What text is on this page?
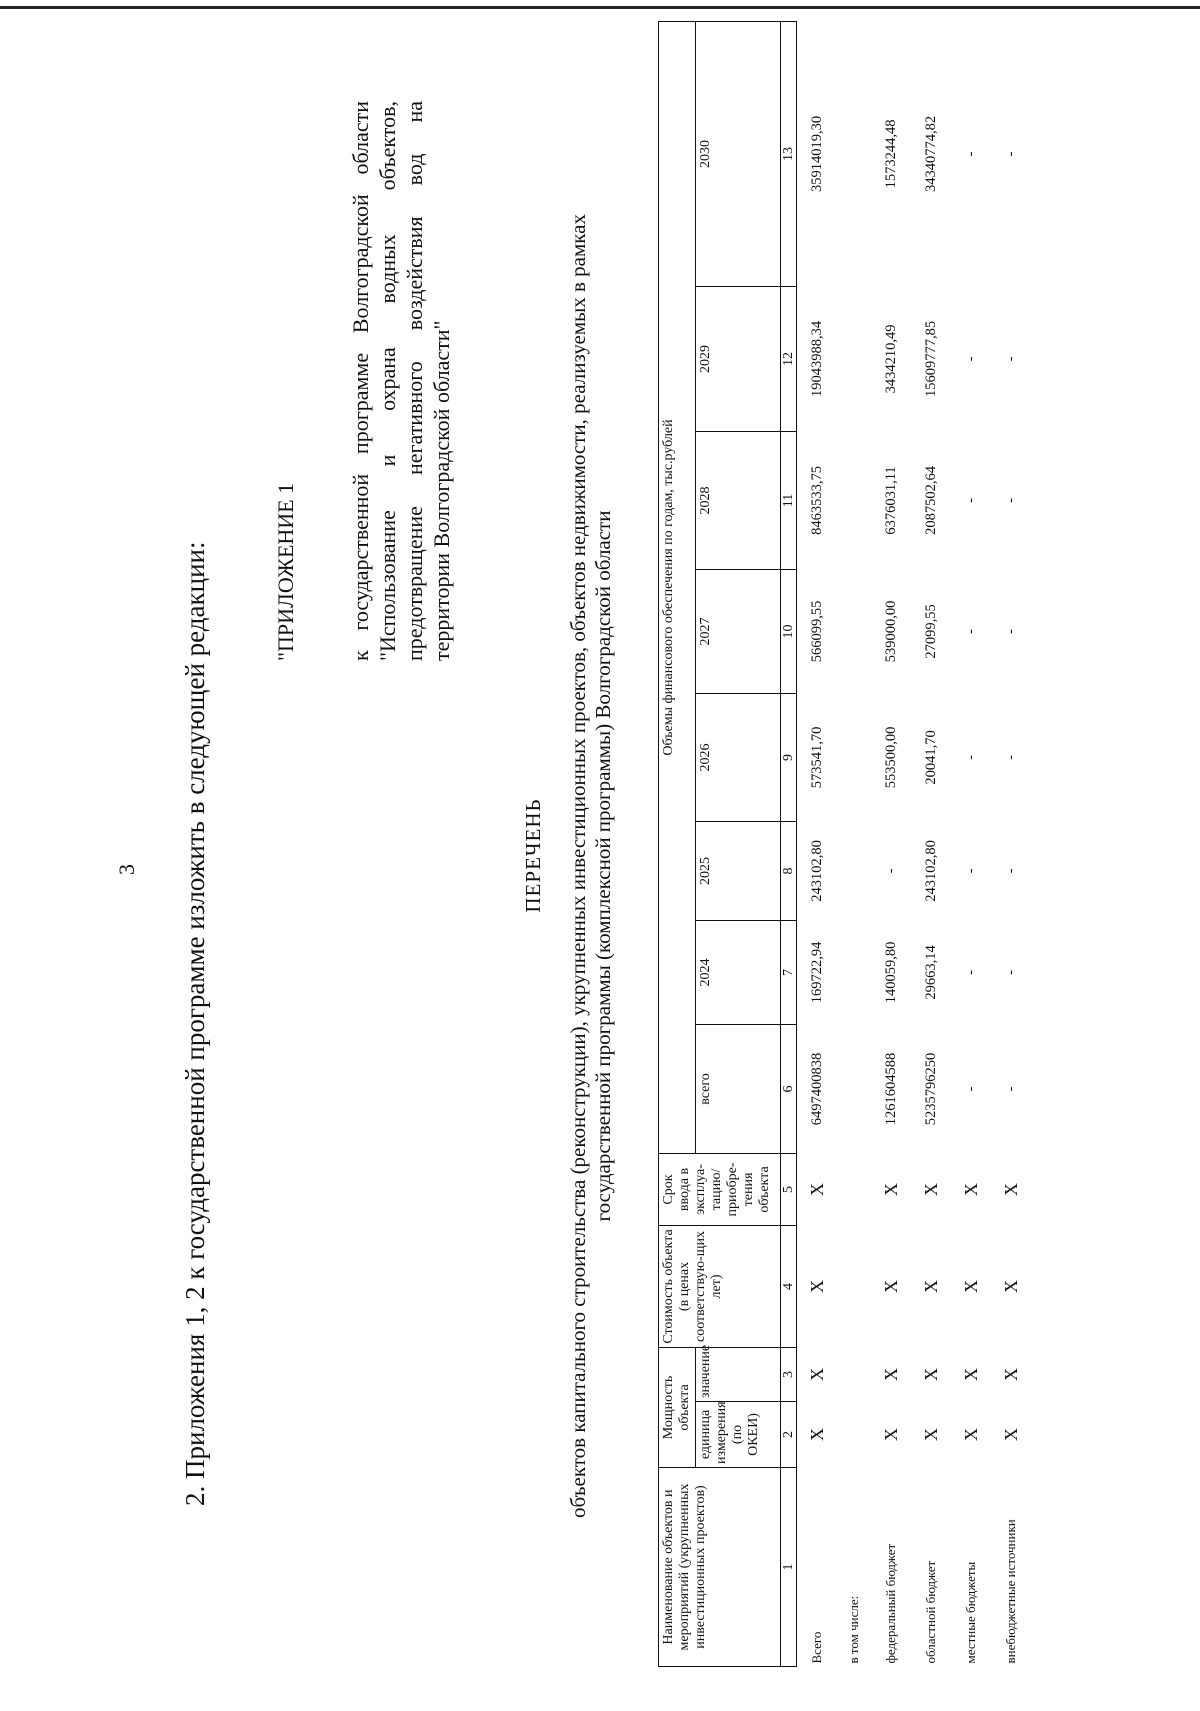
3 2. Приложения 1, 2 к государственной программе изложить в следующей редакции:	"ПРИЛОЖЕНИЕ 1 к государственной программе Волгоградской области "Использование и охрана водных объектов, предотвращение негативного воздействия вод на территории Волгоградской области"
ПЕРЕЧЕНЬ объектов капитального строительства (реконструкции), укрупненных инвестиционных проектов, объектов недвижимости, реализуемых в рамках государственной программы (комплексной программы) Волгоградской области
Наименование объектов и мероприятий (укрупненных инвестиционных проектов)	Мощность объекта		Стоимость объекта (в ценах соответствую-щих лет)	Срок ввода в эксплуа-тацию/ приобре-тения объекта	Объемы финансового обеспечения по годам, тыс.рублей							
	единица измерения (по ОКЕИ)	значение			всего	2024	2025	2026	2027	2028	2029	2030

1	2	3	4	5	6	7	8	9	10	11	12	13
Всего	X	X	X	X	6497400838	169722,94	243102,80	573541,70	566099,55	8463533,75	19043988,34	35914019,30
в том числе:												
федеральный бюджет	X	X	X	X	1261604588	140059,80	-	553500,00	539000,00	6376031,11	3434210,49	1573244,48
областной бюджет	X	X	X	X	5235796250	29663,14	243102,80	20041,70	27099,55	2087502,64	15609777,85	34340774,82
местные бюджеты	X	X	X	X	-	-	-	-	-	-	-	-
внебюджетные источники	X	X	X	X	-	-	-	-	-	-	-	-
